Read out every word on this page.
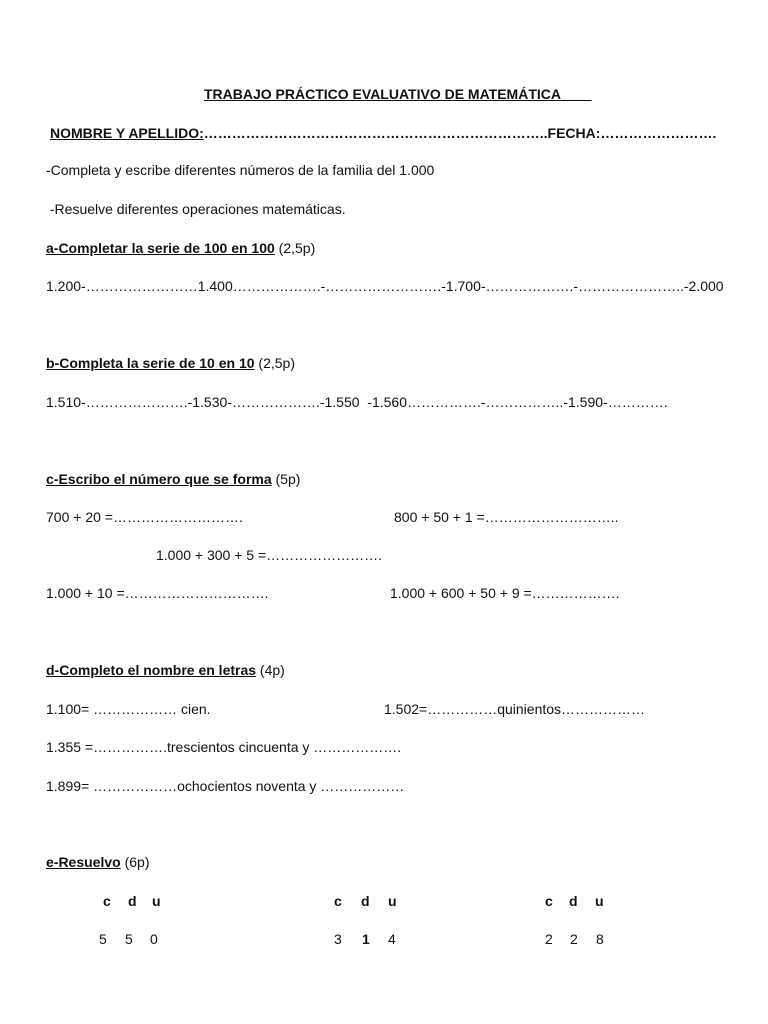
TRABAJO PRÁCTICO EVALUATIVO DE MATEMÁTICA
NOMBRE Y APELLIDO:………………………………………………………………..FECHA:…………………….
-Completa y escribe diferentes números de la familia del 1.000
-Resuelve diferentes operaciones matemáticas.
a-Completar la serie de 100 en 100 (2,5p)
1.200-……………………1.400……………….-…………………….-1.700-……………….-…………………..-2.000
b-Completa la serie de 10 en 10 (2,5p)
1.510-………………….-1.530-……………….-1.550  -1.560…………….-……………..-1.590-………….
c-Escribo el número que se forma (5p)
700 + 20 =……………………….	800 + 50 + 1 =………………………..
1.000 + 300 + 5 =…………………….
1.000 + 10 =………………………….	1.000 + 600 + 50 + 9 =……………….
d-Completo el nombre en letras (4p)
1.100= ……………… cien.	1.502=……………quinientos………………
1.355 =…………….trescientos cincuenta y ……………….
1.899= ………………ochocientos noventa y ………………
e-Resuelvo (6p)
c d u
5 5 0
c d u
3 1 4
c d u
2 2 8
